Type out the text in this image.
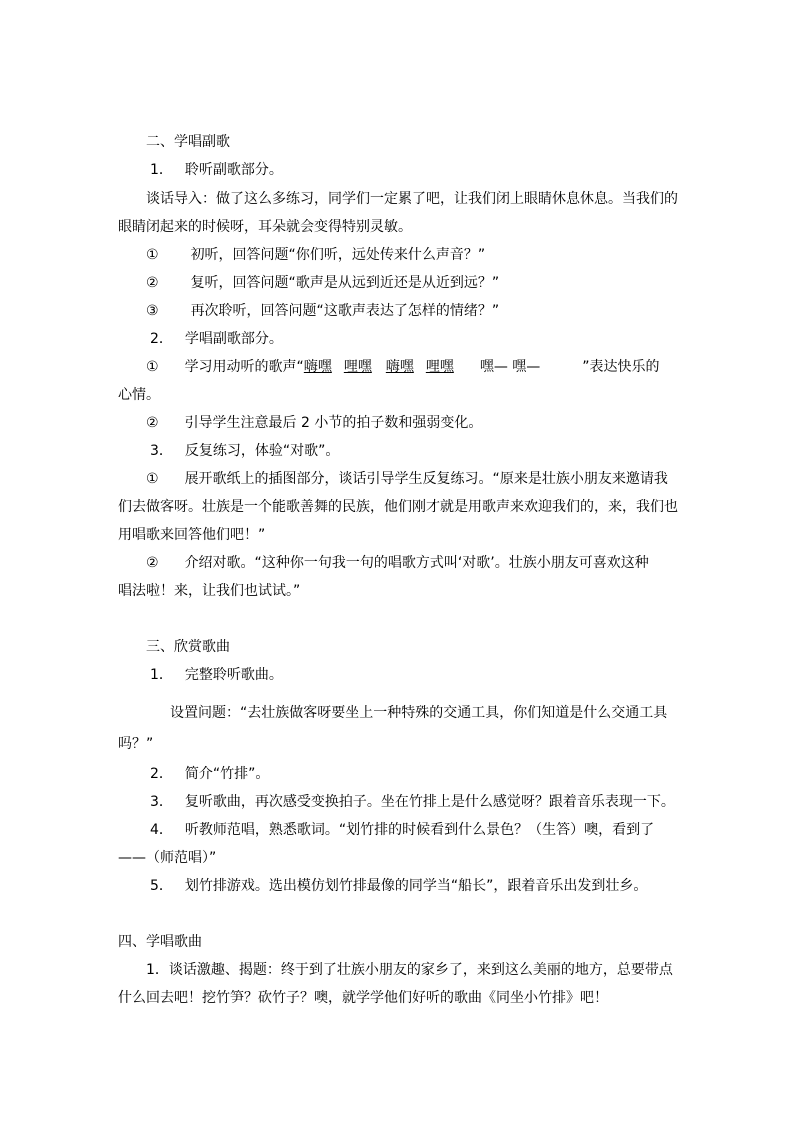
二、学唱副歌
1． 聆听副歌部分。
谈话导入：做了这么多练习，同学们一定累了吧，让我们闭上眼睛休息休息。当我们的
眼睛闭起来的时候呀，耳朵就会变得特别灵敏。
① 初听，回答问题“你们听，远处传来什么声音？”
② 复听，回答问题“歌声是从远到近还是从近到远？”
③ 再次聆听，回答问题“这歌声表达了怎样的情绪？”
2． 学唱副歌部分。
① 学习用动听的歌声“嗨嘿 哩嘿 嗨嘿 哩嘿 嘿— 嘿—	”表达快乐的
心情。
② 引导学生注意最后 2 小节的拍子数和强弱变化。
3． 反复练习，体验“对歌”。
① 展开歌纸上的插图部分，谈话引导学生反复练习。“原来是壮族小朋友来邀请我
们去做客呀。壮族是一个能歌善舞的民族，他们刚才就是用歌声来欢迎我们的，来，我们也
用唱歌来回答他们吧！”
② 介绍对歌。“这种你一句我一句的唱歌方式叫‘对歌’。壮族小朋友可喜欢这种
唱法啦！来，让我们也试试。”
三、欣赏歌曲
1． 完整聆听歌曲。
设置问题：“去壮族做客呀要坐上一种特殊的交通工具，你们知道是什么交通工具
吗？”
2． 简介“竹排”。
3． 复听歌曲，再次感受变换拍子。坐在竹排上是什么感觉呀？跟着音乐表现一下。
4． 听教师范唱，熟悉歌词。“划竹排的时候看到什么景色？（生答）噢，看到了
——（师范唱）”
5． 划竹排游戏。选出模仿划竹排最像的同学当“船长”，跟着音乐出发到壮乡。
四、学唱歌曲
1．谈话激趣、揭题：终于到了壮族小朋友的家乡了，来到这么美丽的地方，总要带点
什么回去吧！挖竹笋？砍竹子？噢，就学学他们好听的歌曲《同坐小竹排》吧！
